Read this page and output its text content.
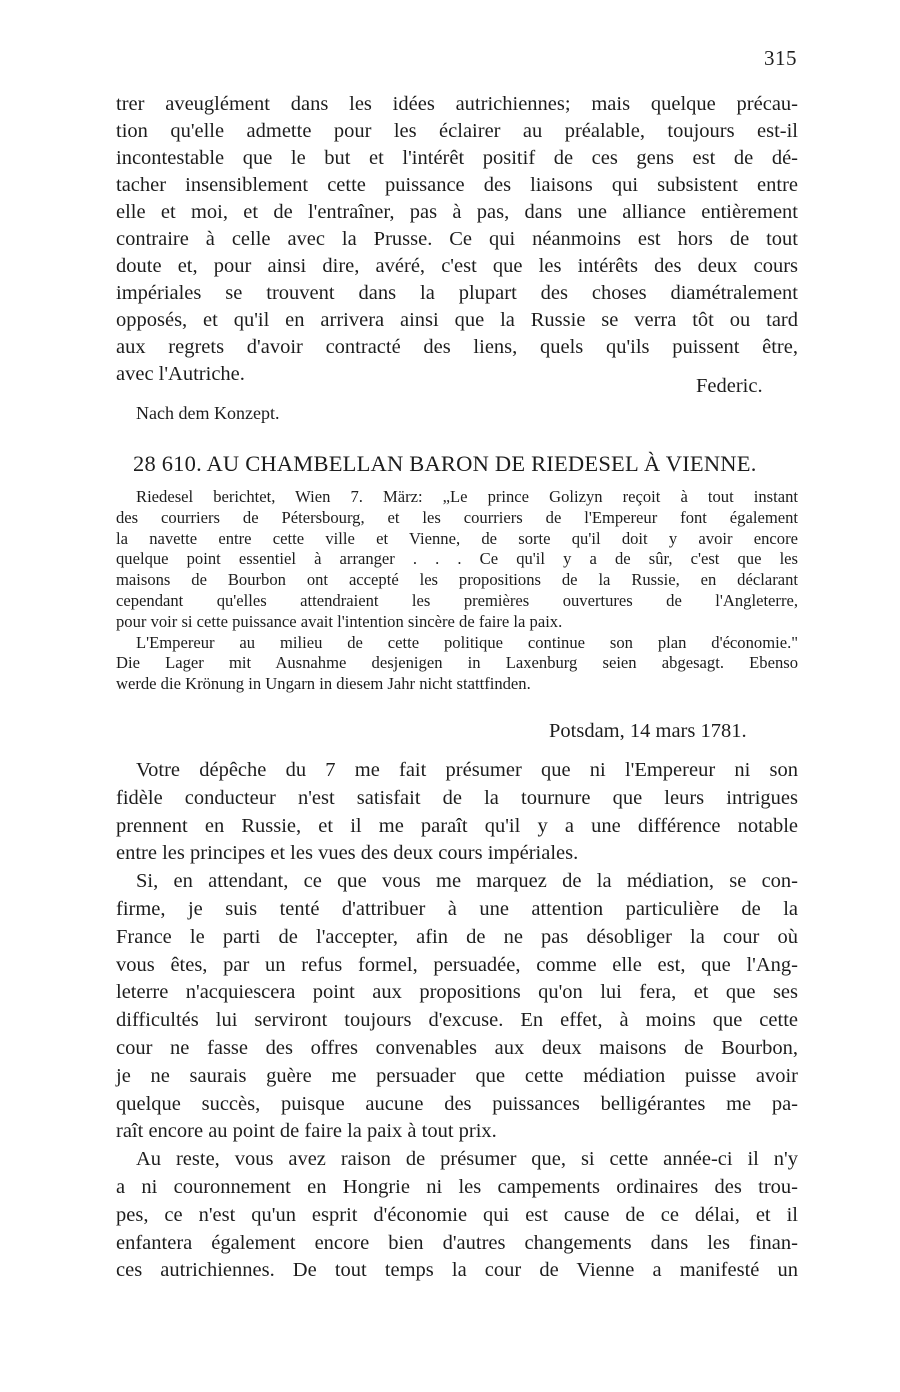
315

trer aveuglément dans les idées autrichiennes; mais quelque précau-

tion qu'elle admette pour les éclairer au préalable, toujours est-il

incontestable que le but et l'intérêt positif de ces gens est de dé-

tacher insensiblement cette puissance des liaisons qui subsistent entre

elle et moi, et de l'entraîner, pas à pas, dans une alliance entièrement

contraire à celle avec la Prusse. Ce qui néanmoins est hors de tout

doute et, pour ainsi dire, avéré, c'est que les intérêts des deux cours

impériales se trouvent dans la plupart des choses diamétralement

opposés, et qu'il en arrivera ainsi que la Russie se verra tôt ou tard

aux regrets d'avoir contracté des liens, quels qu'ils puissent être,

avec l'Autriche.

Federic.
Nach dem Konzept.
28 610. AU CHAMBELLAN BARON DE RIEDESEL À VIENNE.

Riedesel berichtet, Wien 7. März: „Le prince Golizyn reçoit à tout instant

des courriers de Pétersbourg, et les courriers de l'Empereur font également

la navette entre cette ville et Vienne, de sorte qu'il doit y avoir encore

quelque point essentiel à arranger . . . Ce qu'il y a de sûr, c'est que les

maisons de Bourbon ont accepté les propositions de la Russie, en déclarant

cependant qu'elles attendraient les premières ouvertures de l'Angleterre,

pour voir si cette puissance avait l'intention sincère de faire la paix.

L'Empereur au milieu de cette politique continue son plan d'économie."

Die Lager mit Ausnahme desjenigen in Laxenburg seien abgesagt. Ebenso

werde die Krönung in Ungarn in diesem Jahr nicht stattfinden.

Potsdam, 14 mars 1781.

Votre dépêche du 7 me fait présumer que ni l'Empereur ni son

fidèle conducteur n'est satisfait de la tournure que leurs intrigues

prennent en Russie, et il me paraît qu'il y a une différence notable

entre les principes et les vues des deux cours impériales.

Si, en attendant, ce que vous me marquez de la médiation, se con-

firme, je suis tenté d'attribuer à une attention particulière de la

France le parti de l'accepter, afin de ne pas désobliger la cour où

vous êtes, par un refus formel, persuadée, comme elle est, que l'Ang-

leterre n'acquiescera point aux propositions qu'on lui fera, et que ses

difficultés lui serviront toujours d'excuse. En effet, à moins que cette

cour ne fasse des offres convenables aux deux maisons de Bourbon,

je ne saurais guère me persuader que cette médiation puisse avoir

quelque succès, puisque aucune des puissances belligérantes me pa-

raît encore au point de faire la paix à tout prix.

Au reste, vous avez raison de présumer que, si cette année-ci il n'y

a ni couronnement en Hongrie ni les campements ordinaires des trou-

pes, ce n'est qu'un esprit d'économie qui est cause de ce délai, et il

enfantera également encore bien d'autres changements dans les finan-

ces autrichiennes. De tout temps la cour de Vienne a manifesté un
